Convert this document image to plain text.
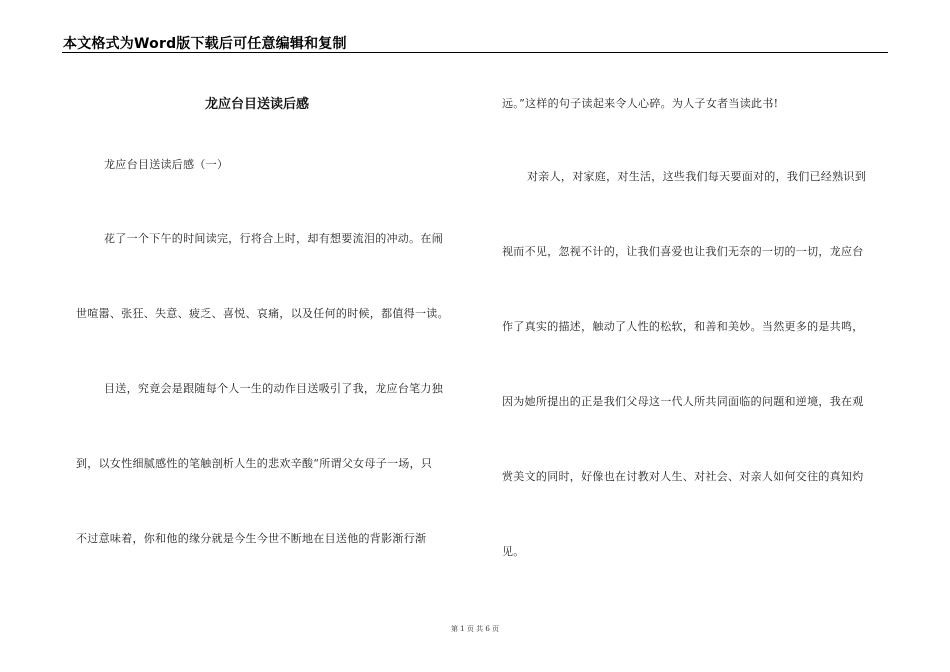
本文格式为Word版下载后可任意编辑和复制
龙应台目送读后感
龙应台目送读后感（一）
花了一个下午的时间读完，行将合上时，却有想要流泪的冲动。在闹
世喧嚣、张狂、失意、疲乏、喜悦、哀痛，以及任何的时候，都值得一读。
目送，究竟会是跟随每个人一生的动作目送吸引了我，龙应台笔力独
到，以女性细腻感性的笔触剖析人生的悲欢辛酸“所谓父女母子一场，只
不过意味着，你和他的缘分就是今生今世不断地在目送他的背影渐行渐
远。”这样的句子读起来令人心碎。为人子女者当读此书!
对亲人，对家庭，对生活，这些我们每天要面对的，我们已经熟识到
视而不见，忽视不计的，让我们喜爱也让我们无奈的一切的一切，龙应台
作了真实的描述，触动了人性的松软，和善和美妙。当然更多的是共鸣，
因为她所提出的正是我们父母这一代人所共同面临的问题和逆境，我在观
赏美文的同时，好像也在讨教对人生、对社会、对亲人如何交往的真知灼
见。
第 1 页 共 6 页
